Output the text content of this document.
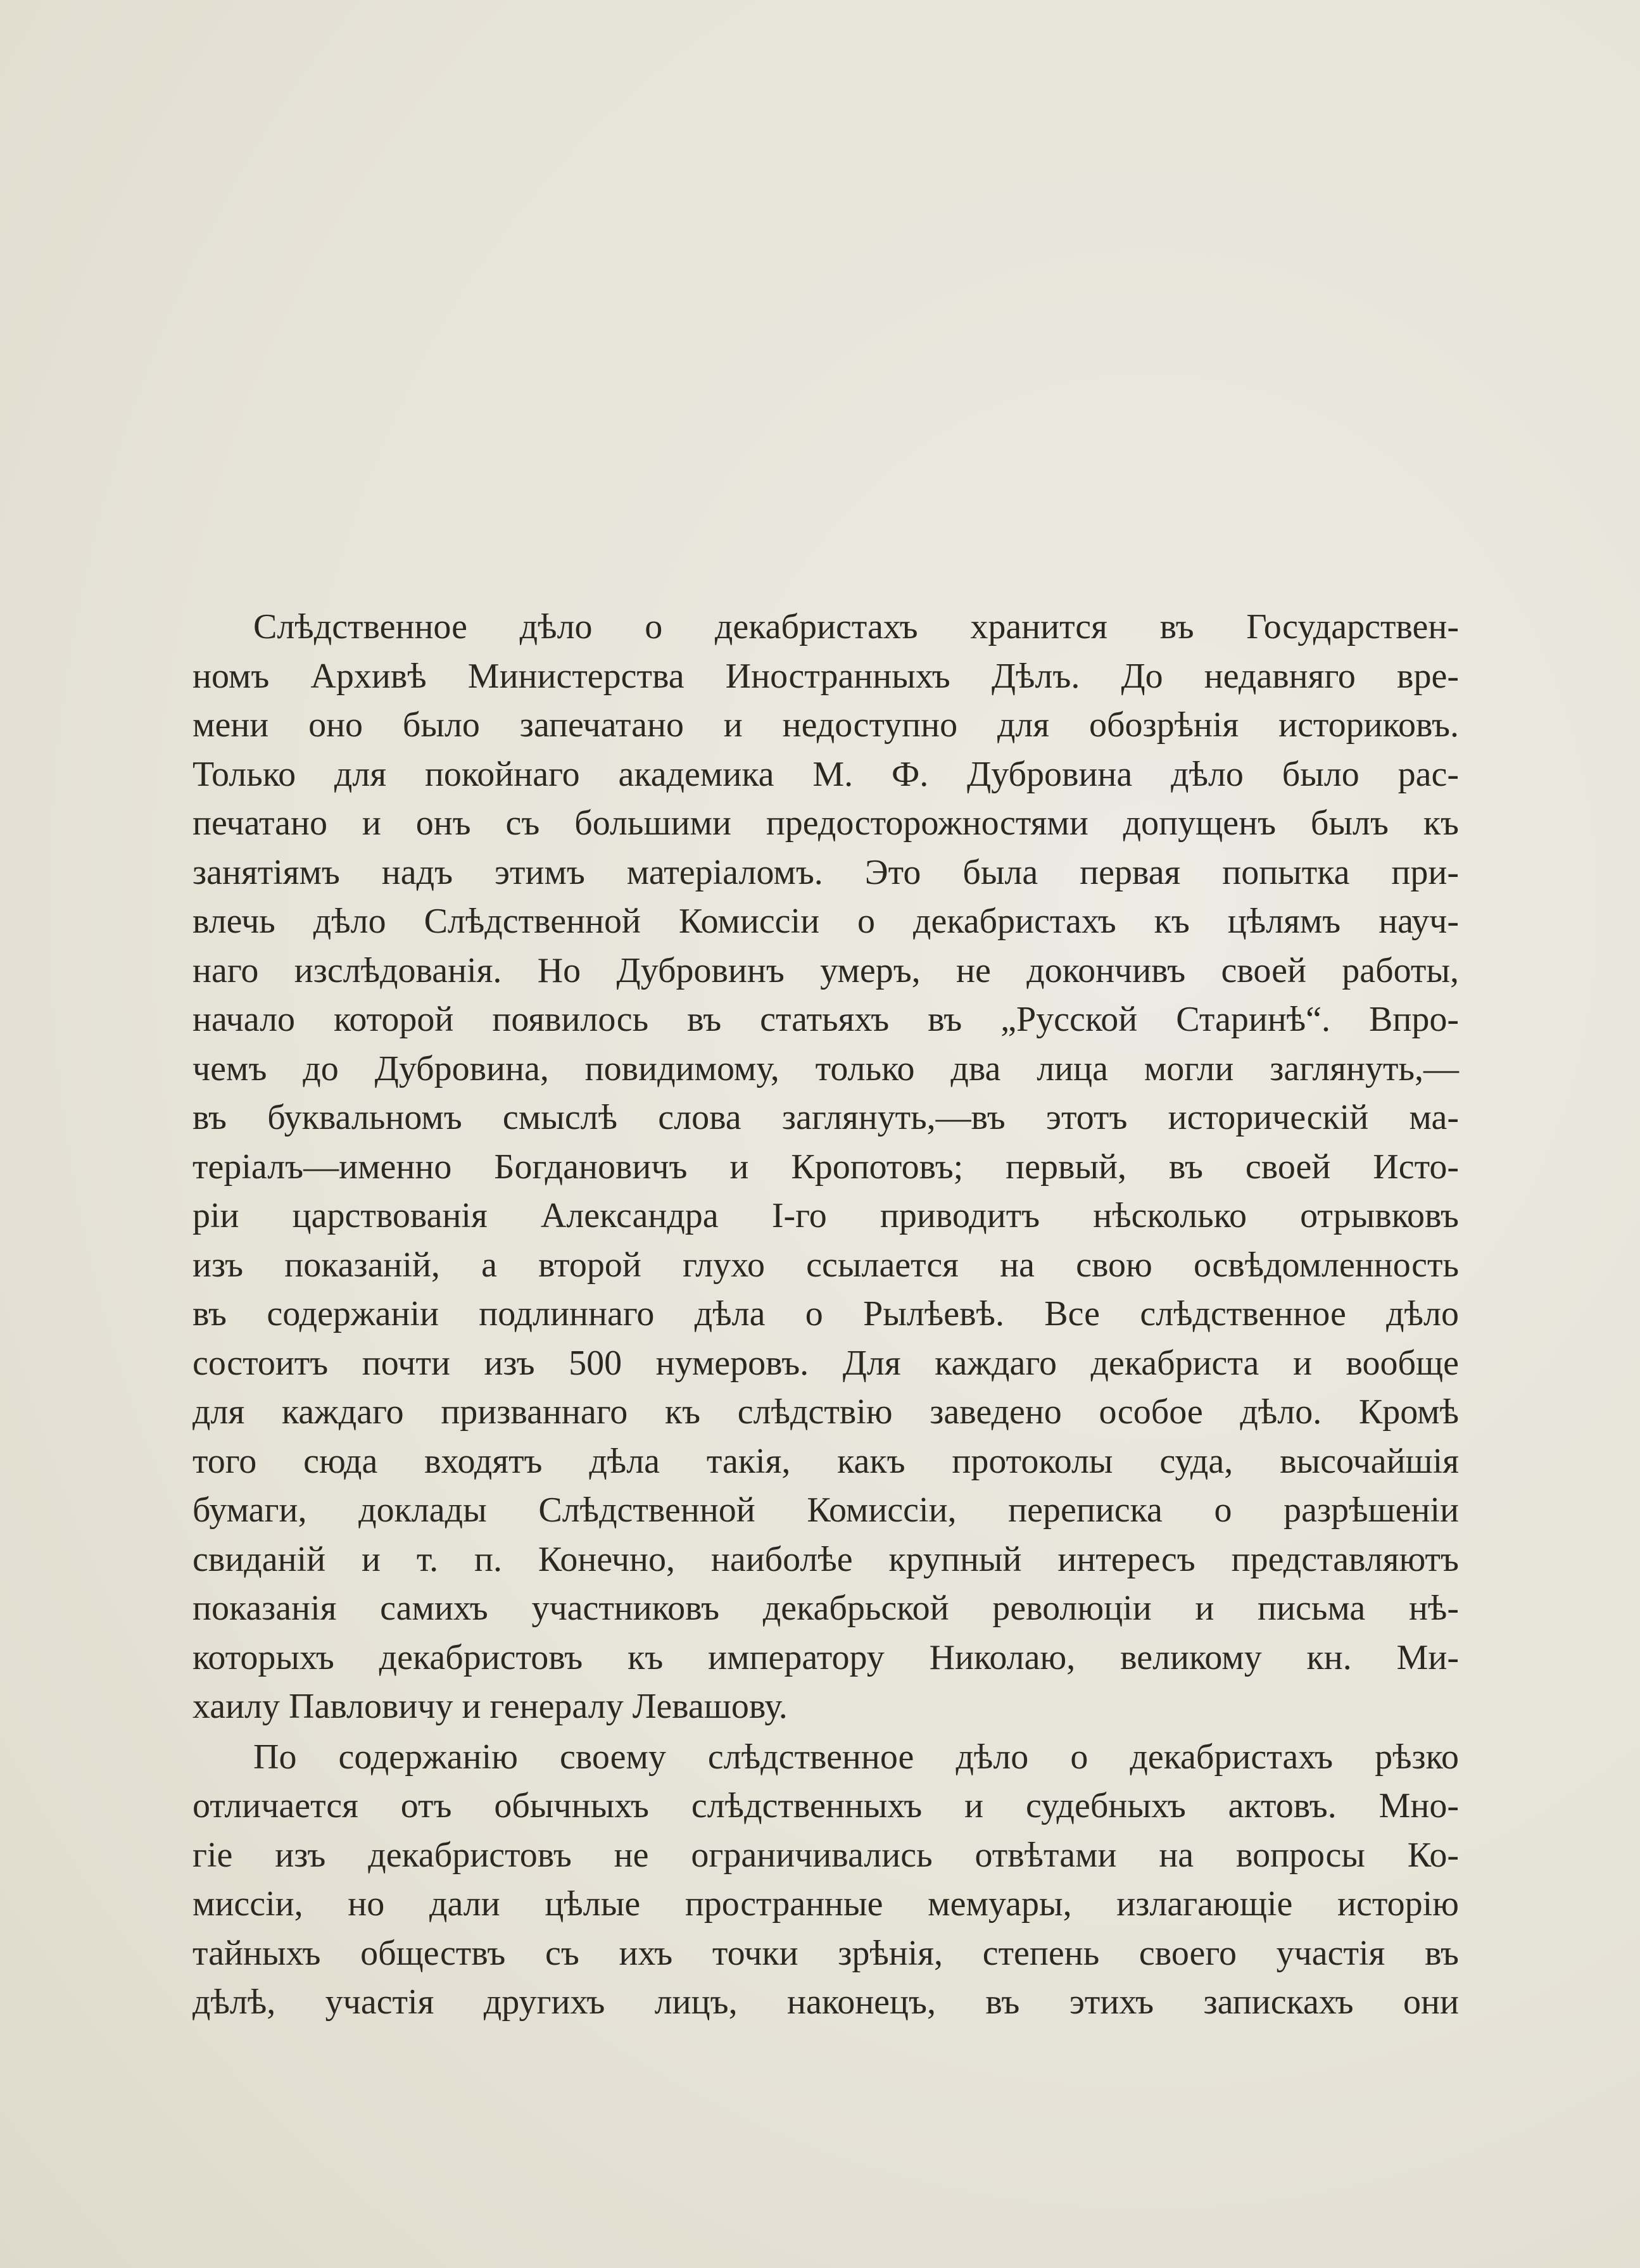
Слѣдственное дѣло о декабристахъ хранится въ Государствен-
номъ Архивѣ Министерства Иностранныхъ Дѣлъ. До недавняго вре-
мени оно было запечатано и недоступно для обозрѣнія историковъ.
Только для покойнаго академика М. Ф. Дубровина дѣло было рас-
печатано и онъ съ большими предосторожностями допущенъ былъ къ
занятіямъ надъ этимъ матеріаломъ. Это была первая попытка при-
влечь дѣло Слѣдственной Комиссіи о декабристахъ къ цѣлямъ науч-
наго изслѣдованія. Но Дубровинъ умеръ, не докончивъ своей работы,
начало которой появилось въ статьяхъ въ „Русской Старинѣ“. Впро-
чемъ до Дубровина, повидимому, только два лица могли заглянуть,—
въ буквальномъ смыслѣ слова заглянуть,—въ этотъ историческій ма-
теріалъ—именно Богдановичъ и Кропотовъ; первый, въ своей Исто-
ріи царствованія Александра I-го приводитъ нѣсколько отрывковъ
изъ показаній, а второй глухо ссылается на свою освѣдомленность
въ содержаніи подлиннаго дѣла о Рылѣевѣ. Все слѣдственное дѣло
состоитъ почти изъ 500 нумеровъ. Для каждаго декабриста и вообще
для каждаго призваннаго къ слѣдствію заведено особое дѣло. Кромѣ
того сюда входятъ дѣла такія, какъ протоколы суда, высочайшія
бумаги, доклады Слѣдственной Комиссіи, переписка о разрѣшеніи
свиданій и т. п. Конечно, наиболѣе крупный интересъ представляютъ
показанія самихъ участниковъ декабрьской революціи и письма нѣ-
которыхъ декабристовъ къ императору Николаю, великому кн. Ми-
хаилу Павловичу и генералу Левашову.
По содержанію своему слѣдственное дѣло о декабристахъ рѣзко
отличается отъ обычныхъ слѣдственныхъ и судебныхъ актовъ. Мно-
гіе изъ декабристовъ не ограничивались отвѣтами на вопросы Ко-
миссіи, но дали цѣлые пространные мемуары, излагающіе исторію
тайныхъ обществъ съ ихъ точки зрѣнія, степень своего участія въ
дѣлѣ, участія другихъ лицъ, наконецъ, въ этихъ запискахъ они
